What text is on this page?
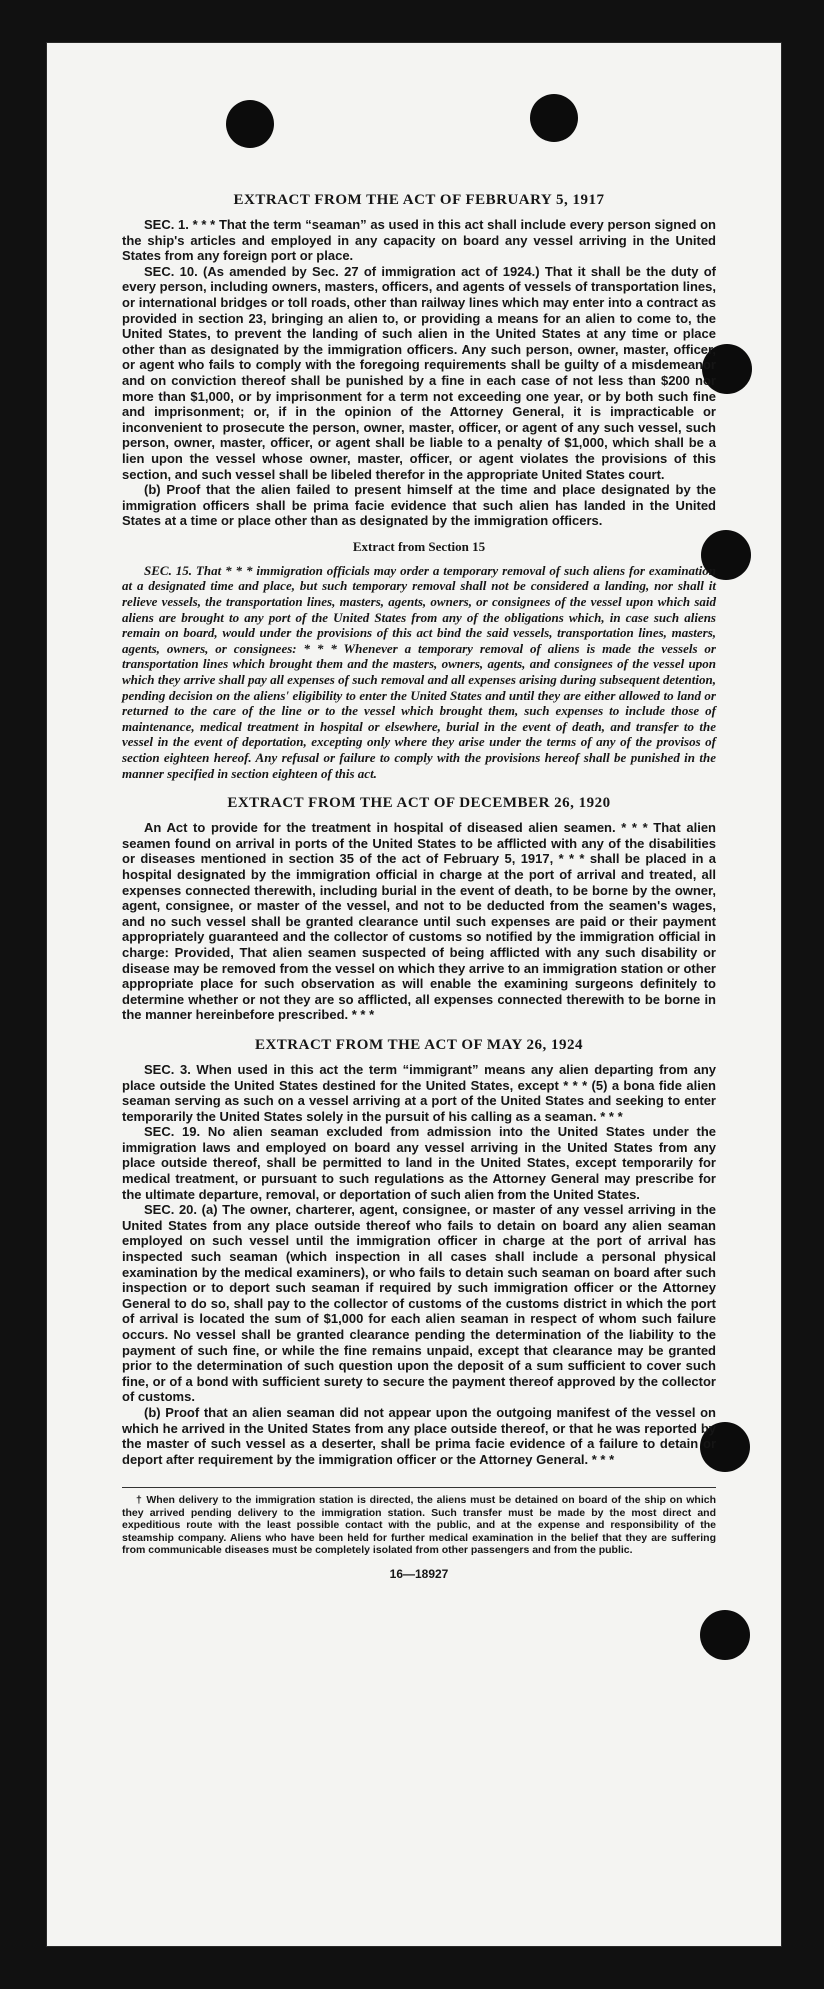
EXTRACT FROM THE ACT OF FEBRUARY 5, 1917

SEC. 1. * * * That the term “seaman” as used in this act shall include every person signed on the ship's articles and employed in any capacity on board any vessel arriving in the United States from any foreign port or place.

SEC. 10. (As amended by Sec. 27 of immigration act of 1924.) That it shall be the duty of every person, including owners, masters, officers, and agents of vessels of transportation lines, or international bridges or toll roads, other than railway lines which may enter into a contract as provided in section 23, bringing an alien to, or providing a means for an alien to come to, the United States, to prevent the landing of such alien in the United States at any time or place other than as designated by the immigration officers. Any such person, owner, master, officer, or agent who fails to comply with the foregoing requirements shall be guilty of a misdemeanor and on conviction thereof shall be punished by a fine in each case of not less than $200 nor more than $1,000, or by imprisonment for a term not exceeding one year, or by both such fine and imprisonment; or, if in the opinion of the Attorney General, it is impracticable or inconvenient to prosecute the person, owner, master, officer, or agent of any such vessel, such person, owner, master, officer, or agent shall be liable to a penalty of $1,000, which shall be a lien upon the vessel whose owner, master, officer, or agent violates the provisions of this section, and such vessel shall be libeled therefor in the appropriate United States court.

(b) Proof that the alien failed to present himself at the time and place designated by the immigration officers shall be prima facie evidence that such alien has landed in the United States at a time or place other than as designated by the immigration officers.

Extract from Section 15

SEC. 15. That * * * immigration officials may order a temporary removal of such aliens for examination at a designated time and place, but such temporary removal shall not be considered a landing, nor shall it relieve vessels, the transportation lines, masters, agents, owners, or consignees of the vessel upon which said aliens are brought to any port of the United States from any of the obligations which, in case such aliens remain on board, would under the provisions of this act bind the said vessels, transportation lines, masters, agents, owners, or consignees: * * * Whenever a temporary removal of aliens is made the vessels or transportation lines which brought them and the masters, owners, agents, and consignees of the vessel upon which they arrive shall pay all expenses of such removal and all expenses arising during subsequent detention, pending decision on the aliens' eligibility to enter the United States and until they are either allowed to land or returned to the care of the line or to the vessel which brought them, such expenses to include those of maintenance, medical treatment in hospital or elsewhere, burial in the event of death, and transfer to the vessel in the event of deportation, excepting only where they arise under the terms of any of the provisos of section eighteen hereof. Any refusal or failure to comply with the provisions hereof shall be punished in the manner specified in section eighteen of this act.

EXTRACT FROM THE ACT OF DECEMBER 26, 1920

An Act to provide for the treatment in hospital of diseased alien seamen. * * * That alien seamen found on arrival in ports of the United States to be afflicted with any of the disabilities or diseases mentioned in section 35 of the act of February 5, 1917, * * * shall be placed in a hospital designated by the immigration official in charge at the port of arrival and treated, all expenses connected therewith, including burial in the event of death, to be borne by the owner, agent, consignee, or master of the vessel, and not to be deducted from the seamen's wages, and no such vessel shall be granted clearance until such expenses are paid or their payment appropriately guaranteed and the collector of customs so notified by the immigration official in charge: Provided, That alien seamen suspected of being afflicted with any such disability or disease may be removed from the vessel on which they arrive to an immigration station or other appropriate place for such observation as will enable the examining surgeons definitely to determine whether or not they are so afflicted, all expenses connected therewith to be borne in the manner hereinbefore prescribed. * * *

EXTRACT FROM THE ACT OF MAY 26, 1924

SEC. 3. When used in this act the term “immigrant” means any alien departing from any place outside the United States destined for the United States, except * * * (5) a bona fide alien seaman serving as such on a vessel arriving at a port of the United States and seeking to enter temporarily the United States solely in the pursuit of his calling as a seaman. * * *

SEC. 19. No alien seaman excluded from admission into the United States under the immigration laws and employed on board any vessel arriving in the United States from any place outside thereof, shall be permitted to land in the United States, except temporarily for medical treatment, or pursuant to such regulations as the Attorney General may prescribe for the ultimate departure, removal, or deportation of such alien from the United States.

SEC. 20. (a) The owner, charterer, agent, consignee, or master of any vessel arriving in the United States from any place outside thereof who fails to detain on board any alien seaman employed on such vessel until the immigration officer in charge at the port of arrival has inspected such seaman (which inspection in all cases shall include a personal physical examination by the medical examiners), or who fails to detain such seaman on board after such inspection or to deport such seaman if required by such immigration officer or the Attorney General to do so, shall pay to the collector of customs of the customs district in which the port of arrival is located the sum of $1,000 for each alien seaman in respect of whom such failure occurs. No vessel shall be granted clearance pending the determination of the liability to the payment of such fine, or while the fine remains unpaid, except that clearance may be granted prior to the determination of such question upon the deposit of a sum sufficient to cover such fine, or of a bond with sufficient surety to secure the payment thereof approved by the collector of customs.

(b) Proof that an alien seaman did not appear upon the outgoing manifest of the vessel on which he arrived in the United States from any place outside thereof, or that he was reported by the master of such vessel as a deserter, shall be prima facie evidence of a failure to detain or deport after requirement by the immigration officer or the Attorney General. * * *

† When delivery to the immigration station is directed, the aliens must be detained on board of the ship on which they arrived pending delivery to the immigration station. Such transfer must be made by the most direct and expeditious route with the least possible contact with the public, and at the expense and responsibility of the steamship company. Aliens who have been held for further medical examination in the belief that they are suffering from communicable diseases must be completely isolated from other passengers and from the public.

16—18927
